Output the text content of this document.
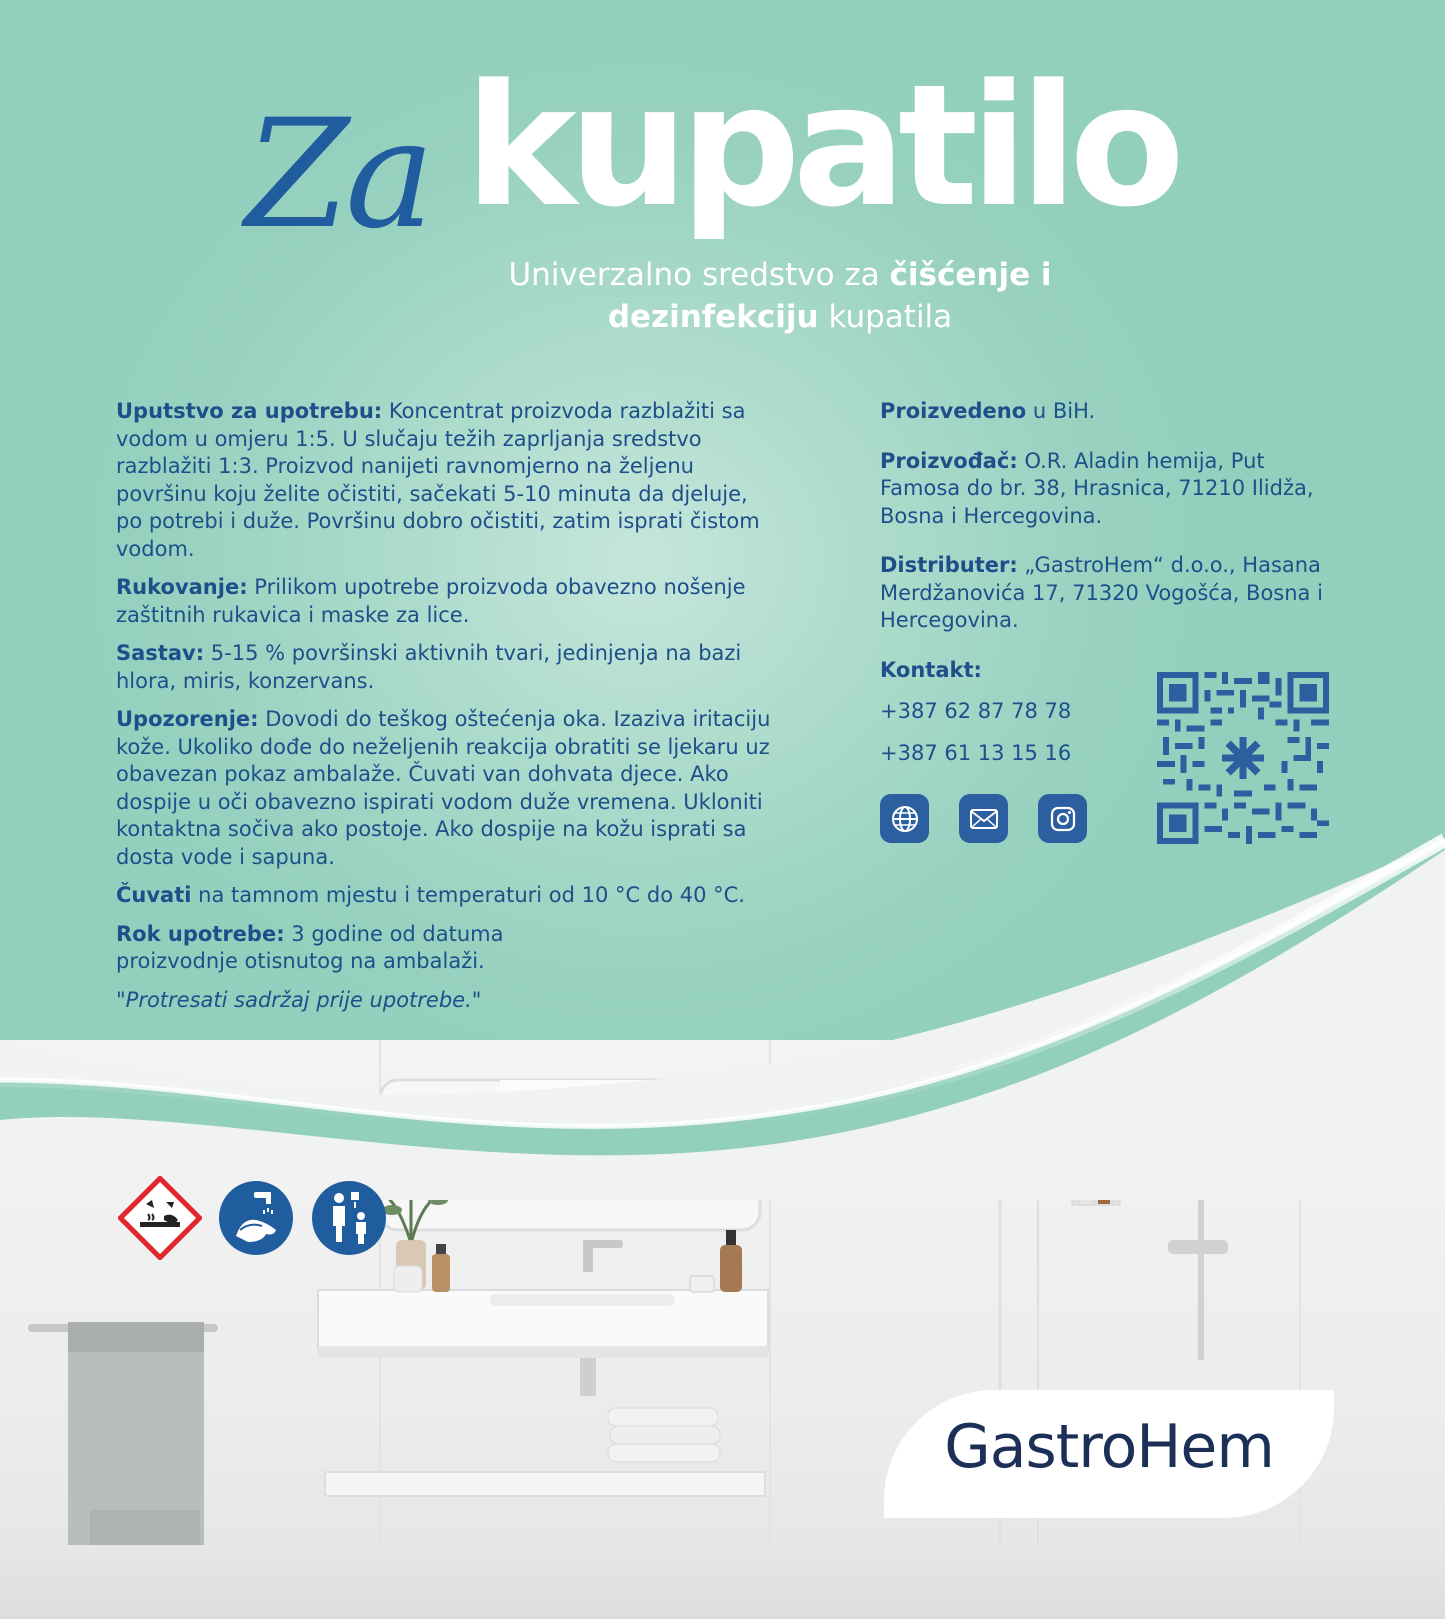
Za kupatilo
Univerzalno sredstvo za čišćenje i
dezinfekciju kupatila

Uputstvo za upotrebu: Koncentrat proizvoda razblažiti sa vodom u omjeru 1:5. U slučaju težih zaprljanja sredstvo razblažiti 1:3. Proizvod nanijeti ravnomjerno na željenu površinu koju želite očistiti, sačekati 5-10 minuta da djeluje, po potrebi i duže. Površinu dobro očistiti, zatim isprati čistom vodom.

Rukovanje: Prilikom upotrebe proizvoda obavezno nošenje zaštitnih rukavica i maske za lice.

Sastav: 5-15 % površinski aktivnih tvari, jedinjenja na bazi hlora, miris, konzervans.

Upozorenje: Dovodi do teškog oštećenja oka. Izaziva iritaciju kože. Ukoliko dođe do neželjenih reakcija obratiti se ljekaru uz obavezan pokaz ambalaže. Čuvati van dohvata djece. Ako dospije u oči obavezno ispirati vodom duže vremena. Ukloniti kontaktna sočiva ako postoje. Ako dospije na kožu isprati sa dosta vode i sapuna.

Čuvati na tamnom mjestu i temperaturi od 10 °C do 40 °C.

Rok upotrebe: 3 godine od datuma proizvodnje otisnutog na ambalaži.

"Protresati sadržaj prije upotrebe."

Proizvedeno u BiH.

Proizvođač: O.R. Aladin hemija, Put Famosa do br. 38, Hrasnica, 71210 Ilidža, Bosna i Hercegovina.

Distributer: „GastroHem“ d.o.o., Hasana Merdžanovića 17, 71320 Vogošća, Bosna i Hercegovina.

Kontakt:
+387 62 87 78 78
+387 61 13 15 16
GastroHem
